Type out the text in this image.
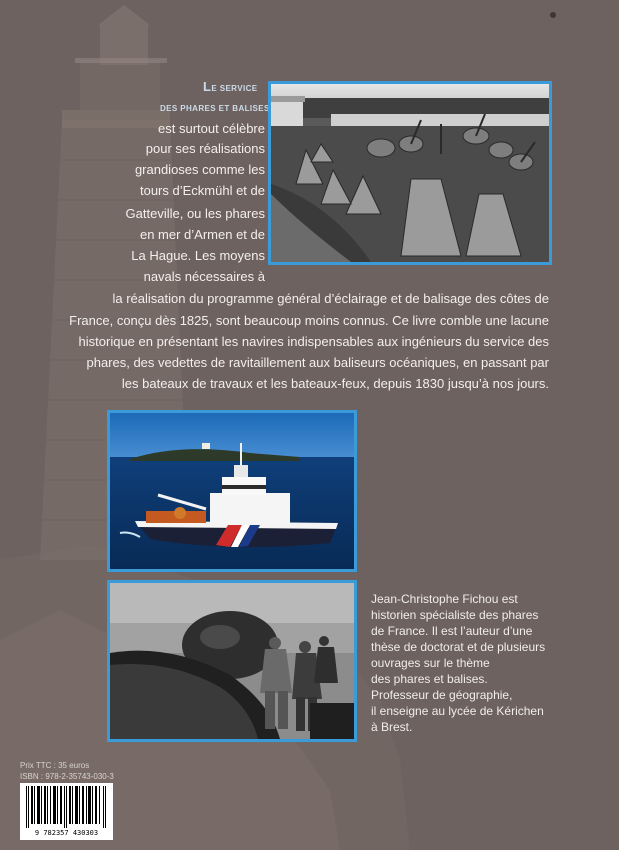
LE SERVICE

DES PHARES ET BALISES

est surtout célèbre

pour ses réalisations

grandioses comme les

tours d’Eckmühl et de

Gatteville, ou les phares

en mer d’Armen et de

La Hague. Les moyens

navals nécessaires à

la réalisation du programme général d’éclairage et de balisage des côtes de

France, conçu dès 1825, sont beaucoup moins connus. Ce livre comble une lacune

historique en présentant les navires indispensables aux ingénieurs du service des

phares, des vedettes de ravitaillement aux baliseurs océaniques, en passant par

les bateaux de travaux et les bateaux-feux, depuis 1830 jusqu’à nos jours.

Jean-Christophe Fichou est
historien spécialiste des phares
de France. Il est l’auteur d’une
thèse de doctorat et de plusieurs
ouvrages sur le thème
des phares et balises.
Professeur de géographie,
il enseigne au lycée de Kérichen
à Brest.

Prix TTC : 35 euros

ISBN : 978-2-35743-030-3

9 782357 430303
